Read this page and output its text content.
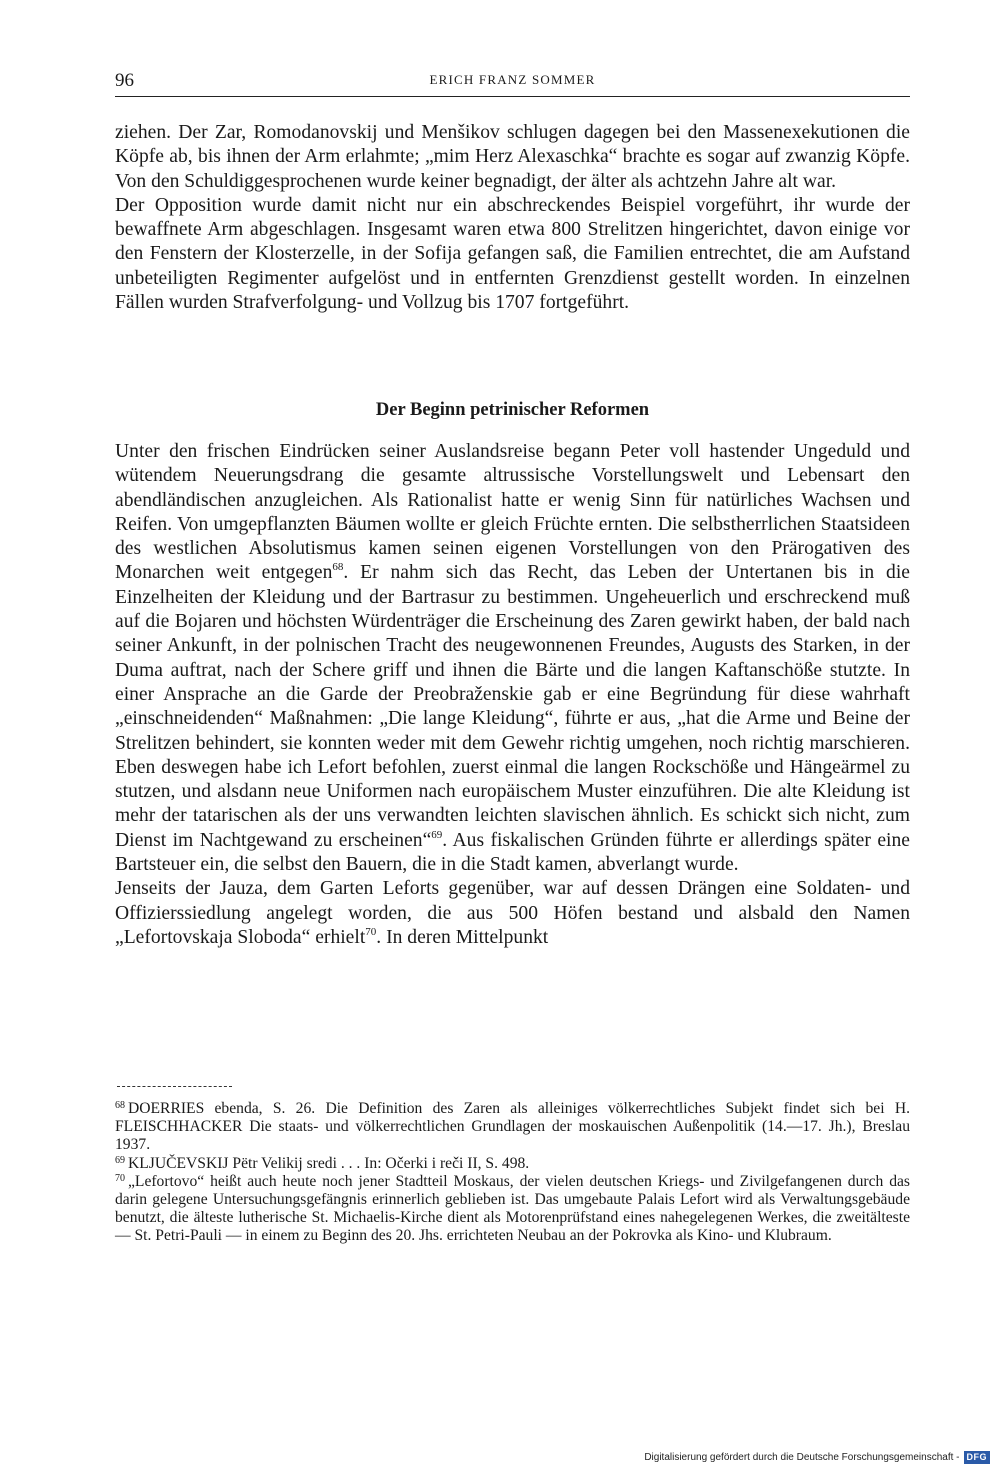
96	ERICH FRANZ SOMMER

ziehen. Der Zar, Romodanovskij und Menšikov schlugen dagegen bei den Massenexekutionen die Köpfe ab, bis ihnen der Arm erlahmte; „mim Herz Alexaschka“ brachte es sogar auf zwanzig Köpfe. Von den Schuldiggesprochenen wurde keiner begnadigt, der älter als achtzehn Jahre alt war.

Der Opposition wurde damit nicht nur ein abschreckendes Beispiel vorgeführt, ihr wurde der bewaffnete Arm abgeschlagen. Insgesamt waren etwa 800 Strelitzen hingerichtet, davon einige vor den Fenstern der Klosterzelle, in der Sofija gefangen saß, die Familien entrechtet, die am Aufstand unbeteiligten Regimenter aufgelöst und in entfernten Grenzdienst gestellt worden. In einzelnen Fällen wurden Strafverfolgung- und Vollzug bis 1707 fortgeführt.

Der Beginn petrinischer Reformen

Unter den frischen Eindrücken seiner Auslandsreise begann Peter voll hastender Ungeduld und wütendem Neuerungsdrang die gesamte altrussische Vorstellungswelt und Lebensart den abendländischen anzugleichen. Als Rationalist hatte er wenig Sinn für natürliches Wachsen und Reifen. Von umgepflanzten Bäumen wollte er gleich Früchte ernten. Die selbstherrlichen Staatsideen des westlichen Absolutismus kamen seinen eigenen Vorstellungen von den Prärogativen des Monarchen weit entgegen$^{68}$. Er nahm sich das Recht, das Leben der Untertanen bis in die Einzelheiten der Kleidung und der Bartrasur zu bestimmen. Ungeheuerlich und erschreckend muß auf die Bojaren und höchsten Würdenträger die Erscheinung des Zaren gewirkt haben, der bald nach seiner Ankunft, in der polnischen Tracht des neugewonnenen Freundes, Augusts des Starken, in der Duma auftrat, nach der Schere griff und ihnen die Bärte und die langen Kaftanschöße stutzte. In einer Ansprache an die Garde der Preobraženskie gab er eine Begründung für diese wahrhaft „einschneidenden“ Maßnahmen: „Die lange Kleidung“, führte er aus, „hat die Arme und Beine der Strelitzen behindert, sie konnten weder mit dem Gewehr richtig umgehen, noch richtig marschieren. Eben deswegen habe ich Lefort befohlen, zuerst einmal die langen Rockschöße und Hängeärmel zu stutzen, und alsdann neue Uniformen nach europäischem Muster einzuführen. Die alte Kleidung ist mehr der tatarischen als der uns verwandten leichten slavischen ähnlich. Es schickt sich nicht, zum Dienst im Nachtgewand zu erscheinen“$^{69}$. Aus fiskalischen Gründen führte er allerdings später eine Bartsteuer ein, die selbst den Bauern, die in die Stadt kamen, abverlangt wurde.

Jenseits der Jauza, dem Garten Leforts gegenüber, war auf dessen Drängen eine Soldaten- und Offizierssiedlung angelegt worden, die aus 500 Höfen bestand und alsbald den Namen „Lefortovskaja Sloboda“ erhielt$^{70}$. In deren Mittelpunkt

$^{68}$ DOERRIES ebenda, S. 26. Die Definition des Zaren als alleiniges völkerrechtliches Subjekt findet sich bei H. FLEISCHHACKER Die staats- und völkerrechtlichen Grundlagen der moskauischen Außenpolitik (14.—17. Jh.), Breslau 1937.

$^{69}$ KLJUČEVSKIJ Pëtr Velikij sredi . . . In: Očerki i reči II, S. 498.

$^{70}$ „Lefortovo“ heißt auch heute noch jener Stadtteil Moskaus, der vielen deutschen Kriegs- und Zivilgefangenen durch das darin gelegene Untersuchungsgefängnis erinnerlich geblieben ist. Das umgebaute Palais Lefort wird als Verwaltungsgebäude benutzt, die älteste lutherische St. Michaelis-Kirche dient als Motorenprüfstand eines nahegelegenen Werkes, die zweitälteste — St. Petri-Pauli — in einem zu Beginn des 20. Jhs. errichteten Neubau an der Pokrovka als Kino- und Klubraum.

Digitalisierung gefördert durch die Deutsche Forschungsgemeinschaft - DFG
